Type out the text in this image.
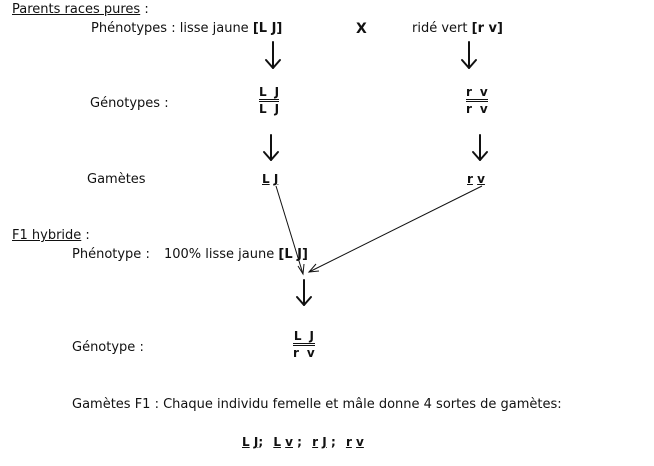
Parents races pures :
Phénotypes : lisse jaune [L J]	X	ridé vert [r v]
Génotypes :
L J
L J
r v
r v
Gamètes	L J	r v
F1 hybride :
Phénotype : 100% lisse jaune [L J]
Génotype :
L J
r v
Gamètes F1 : Chaque individu femelle et mâle donne 4 sortes de gamètes:
L J; L v ; r J ; r v
